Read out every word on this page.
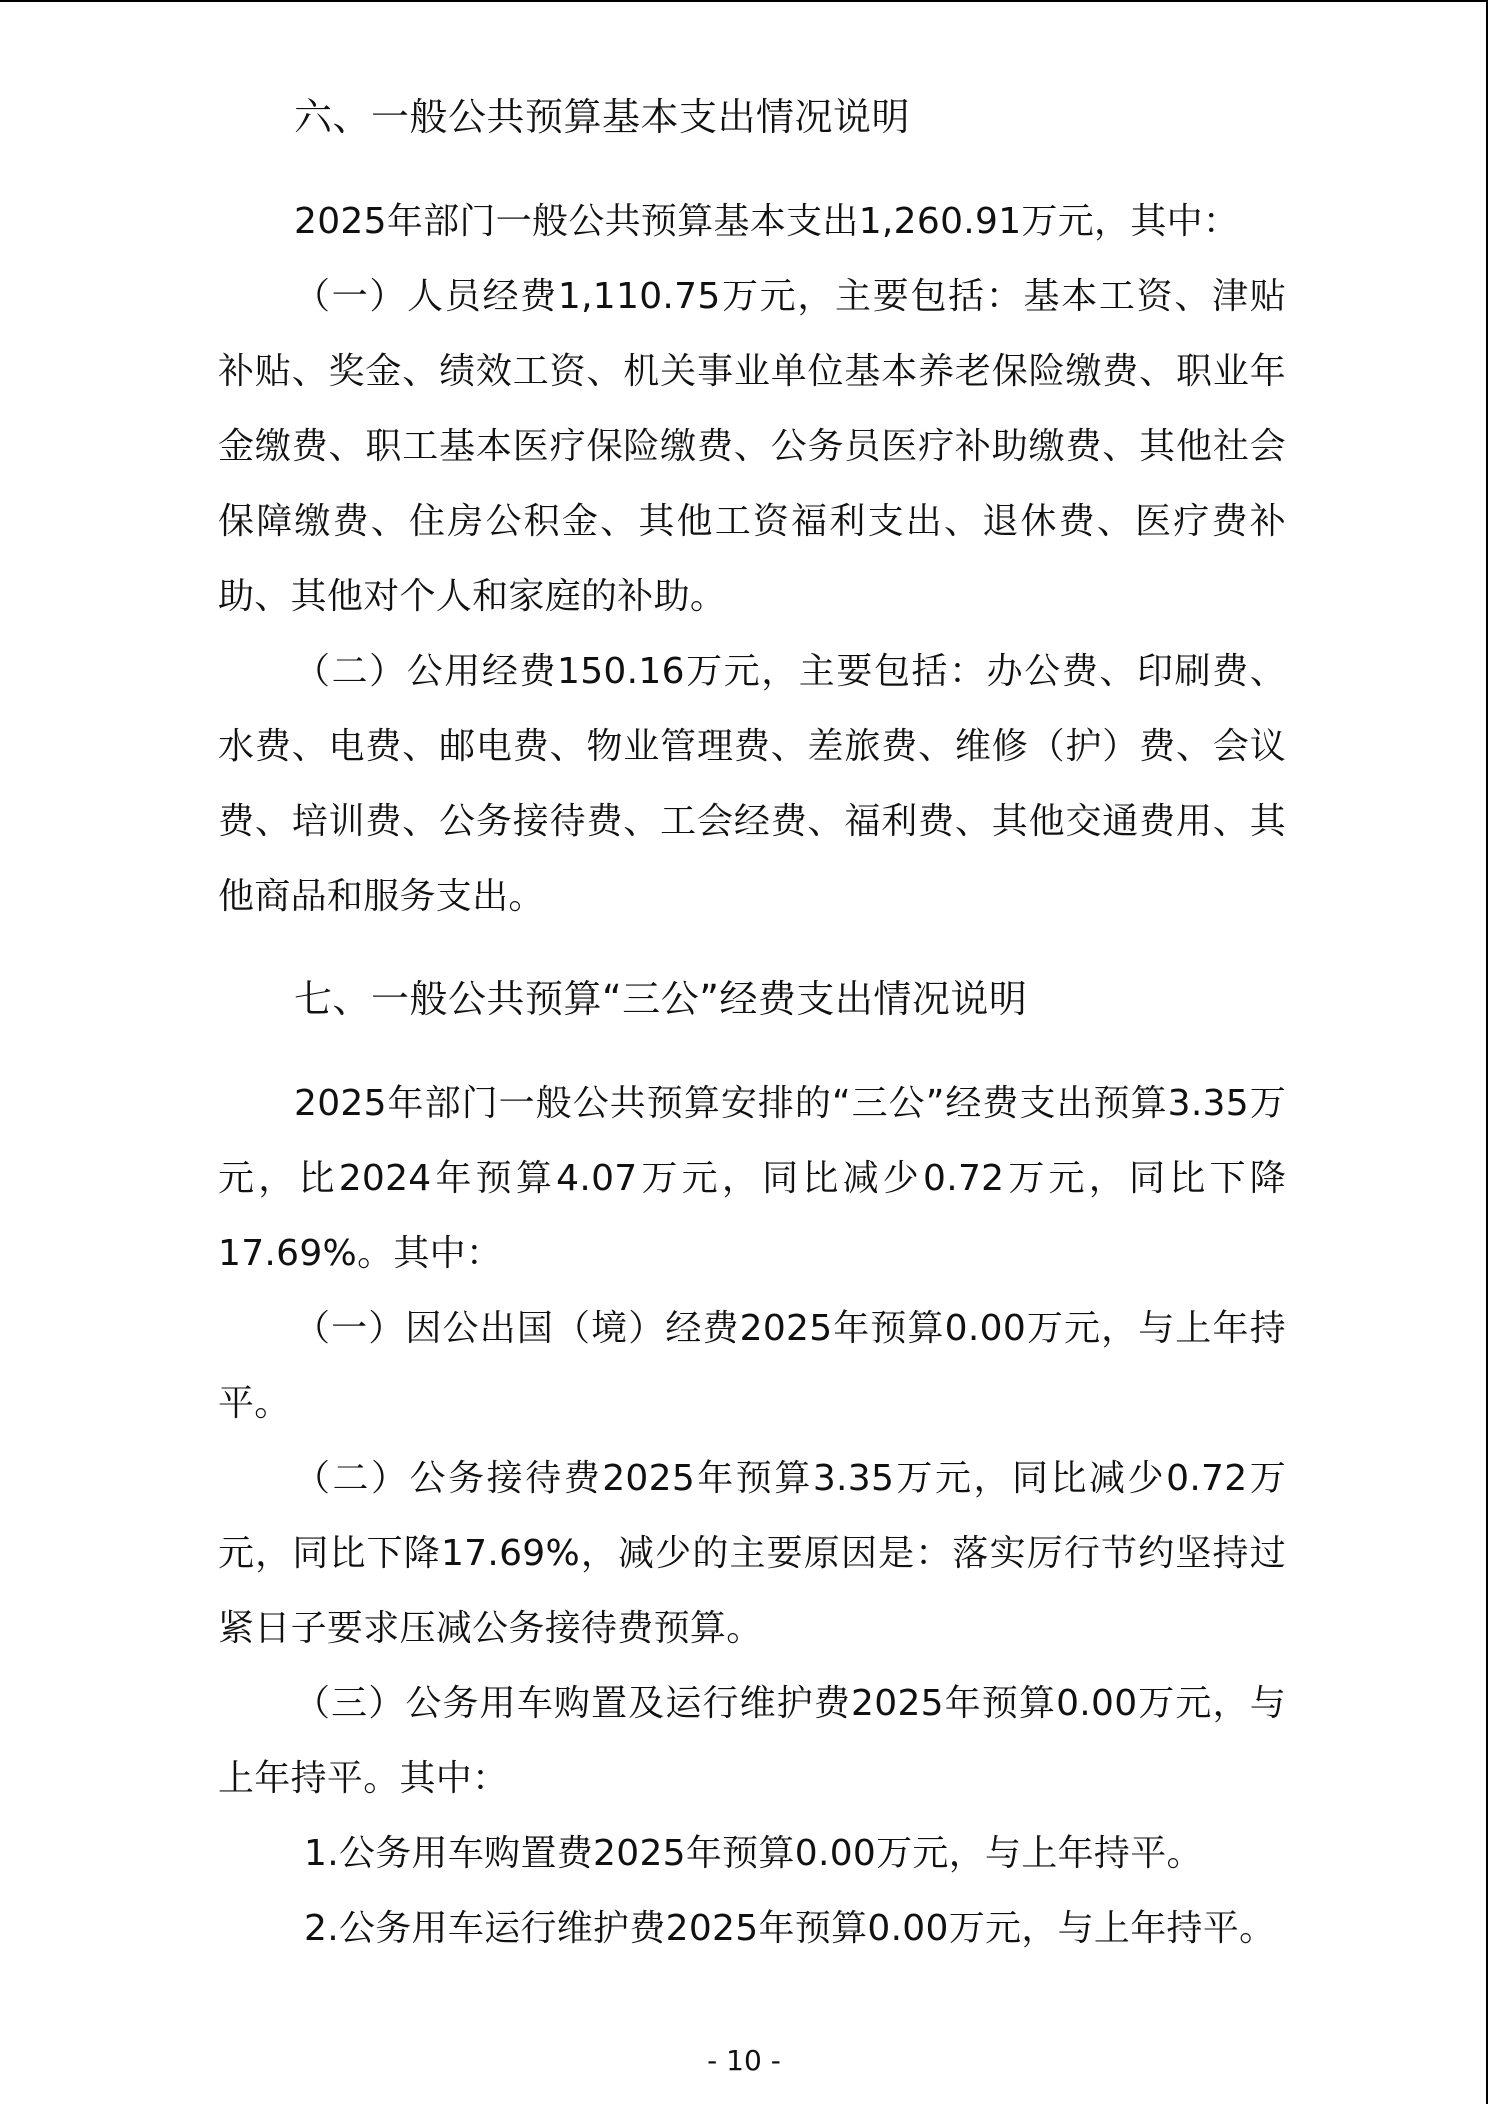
六、一般公共预算基本支出情况说明

2025年部门一般公共预算基本支出1,260.91万元，其中：

（一）人员经费1,110.75万元，主要包括：基本工资、津贴补贴、奖金、绩效工资、机关事业单位基本养老保险缴费、职业年金缴费、职工基本医疗保险缴费、公务员医疗补助缴费、其他社会保障缴费、住房公积金、其他工资福利支出、退休费、医疗费补助、其他对个人和家庭的补助。

（二）公用经费150.16万元，主要包括：办公费、印刷费、水费、电费、邮电费、物业管理费、差旅费、维修（护）费、会议费、培训费、公务接待费、工会经费、福利费、其他交通费用、其他商品和服务支出。

七、一般公共预算“三公”经费支出情况说明

2025年部门一般公共预算安排的“三公”经费支出预算3.35万元，比2024年预算4.07万元，同比减少0.72万元，同比下降17.69%。其中：

（一）因公出国（境）经费2025年预算0.00万元，与上年持平。

（二）公务接待费2025年预算3.35万元，同比减少0.72万元，同比下降17.69%，减少的主要原因是：落实厉行节约坚持过紧日子要求压减公务接待费预算。

（三）公务用车购置及运行维护费2025年预算0.00万元，与上年持平。其中：

1.公务用车购置费2025年预算0.00万元，与上年持平。

2.公务用车运行维护费2025年预算0.00万元，与上年持平。

- 10 -
